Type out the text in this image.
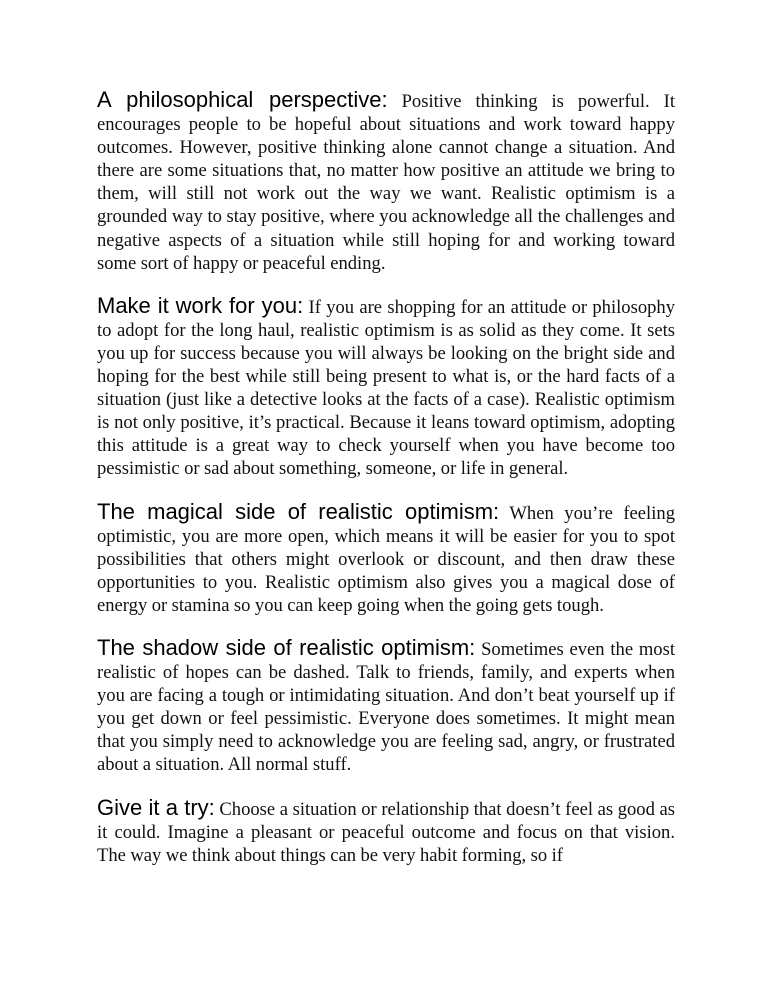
A philosophical perspective: Positive thinking is powerful. It encourages people to be hopeful about situations and work toward happy outcomes. However, positive thinking alone cannot change a situation. And there are some situations that, no matter how positive an attitude we bring to them, will still not work out the way we want. Realistic optimism is a grounded way to stay positive, where you acknowledge all the challenges and negative aspects of a situation while still hoping for and working toward some sort of happy or peaceful ending.

Make it work for you: If you are shopping for an attitude or philosophy to adopt for the long haul, realistic optimism is as solid as they come. It sets you up for success because you will always be looking on the bright side and hoping for the best while still being present to what is, or the hard facts of a situation (just like a detective looks at the facts of a case). Realistic optimism is not only positive, it’s practical. Because it leans toward optimism, adopting this attitude is a great way to check yourself when you have become too pessimistic or sad about something, someone, or life in general.

The magical side of realistic optimism: When you’re feeling optimistic, you are more open, which means it will be easier for you to spot possibilities that others might overlook or discount, and then draw these opportunities to you. Realistic optimism also gives you a magical dose of energy or stamina so you can keep going when the going gets tough.

The shadow side of realistic optimism: Sometimes even the most realistic of hopes can be dashed. Talk to friends, family, and experts when you are facing a tough or intimidating situation. And don’t beat yourself up if you get down or feel pessimistic. Everyone does sometimes. It might mean that you simply need to acknowledge you are feeling sad, angry, or frustrated about a situation. All normal stuff.

Give it a try: Choose a situation or relationship that doesn’t feel as good as it could. Imagine a pleasant or peaceful outcome and focus on that vision. The way we think about things can be very habit forming, so if
